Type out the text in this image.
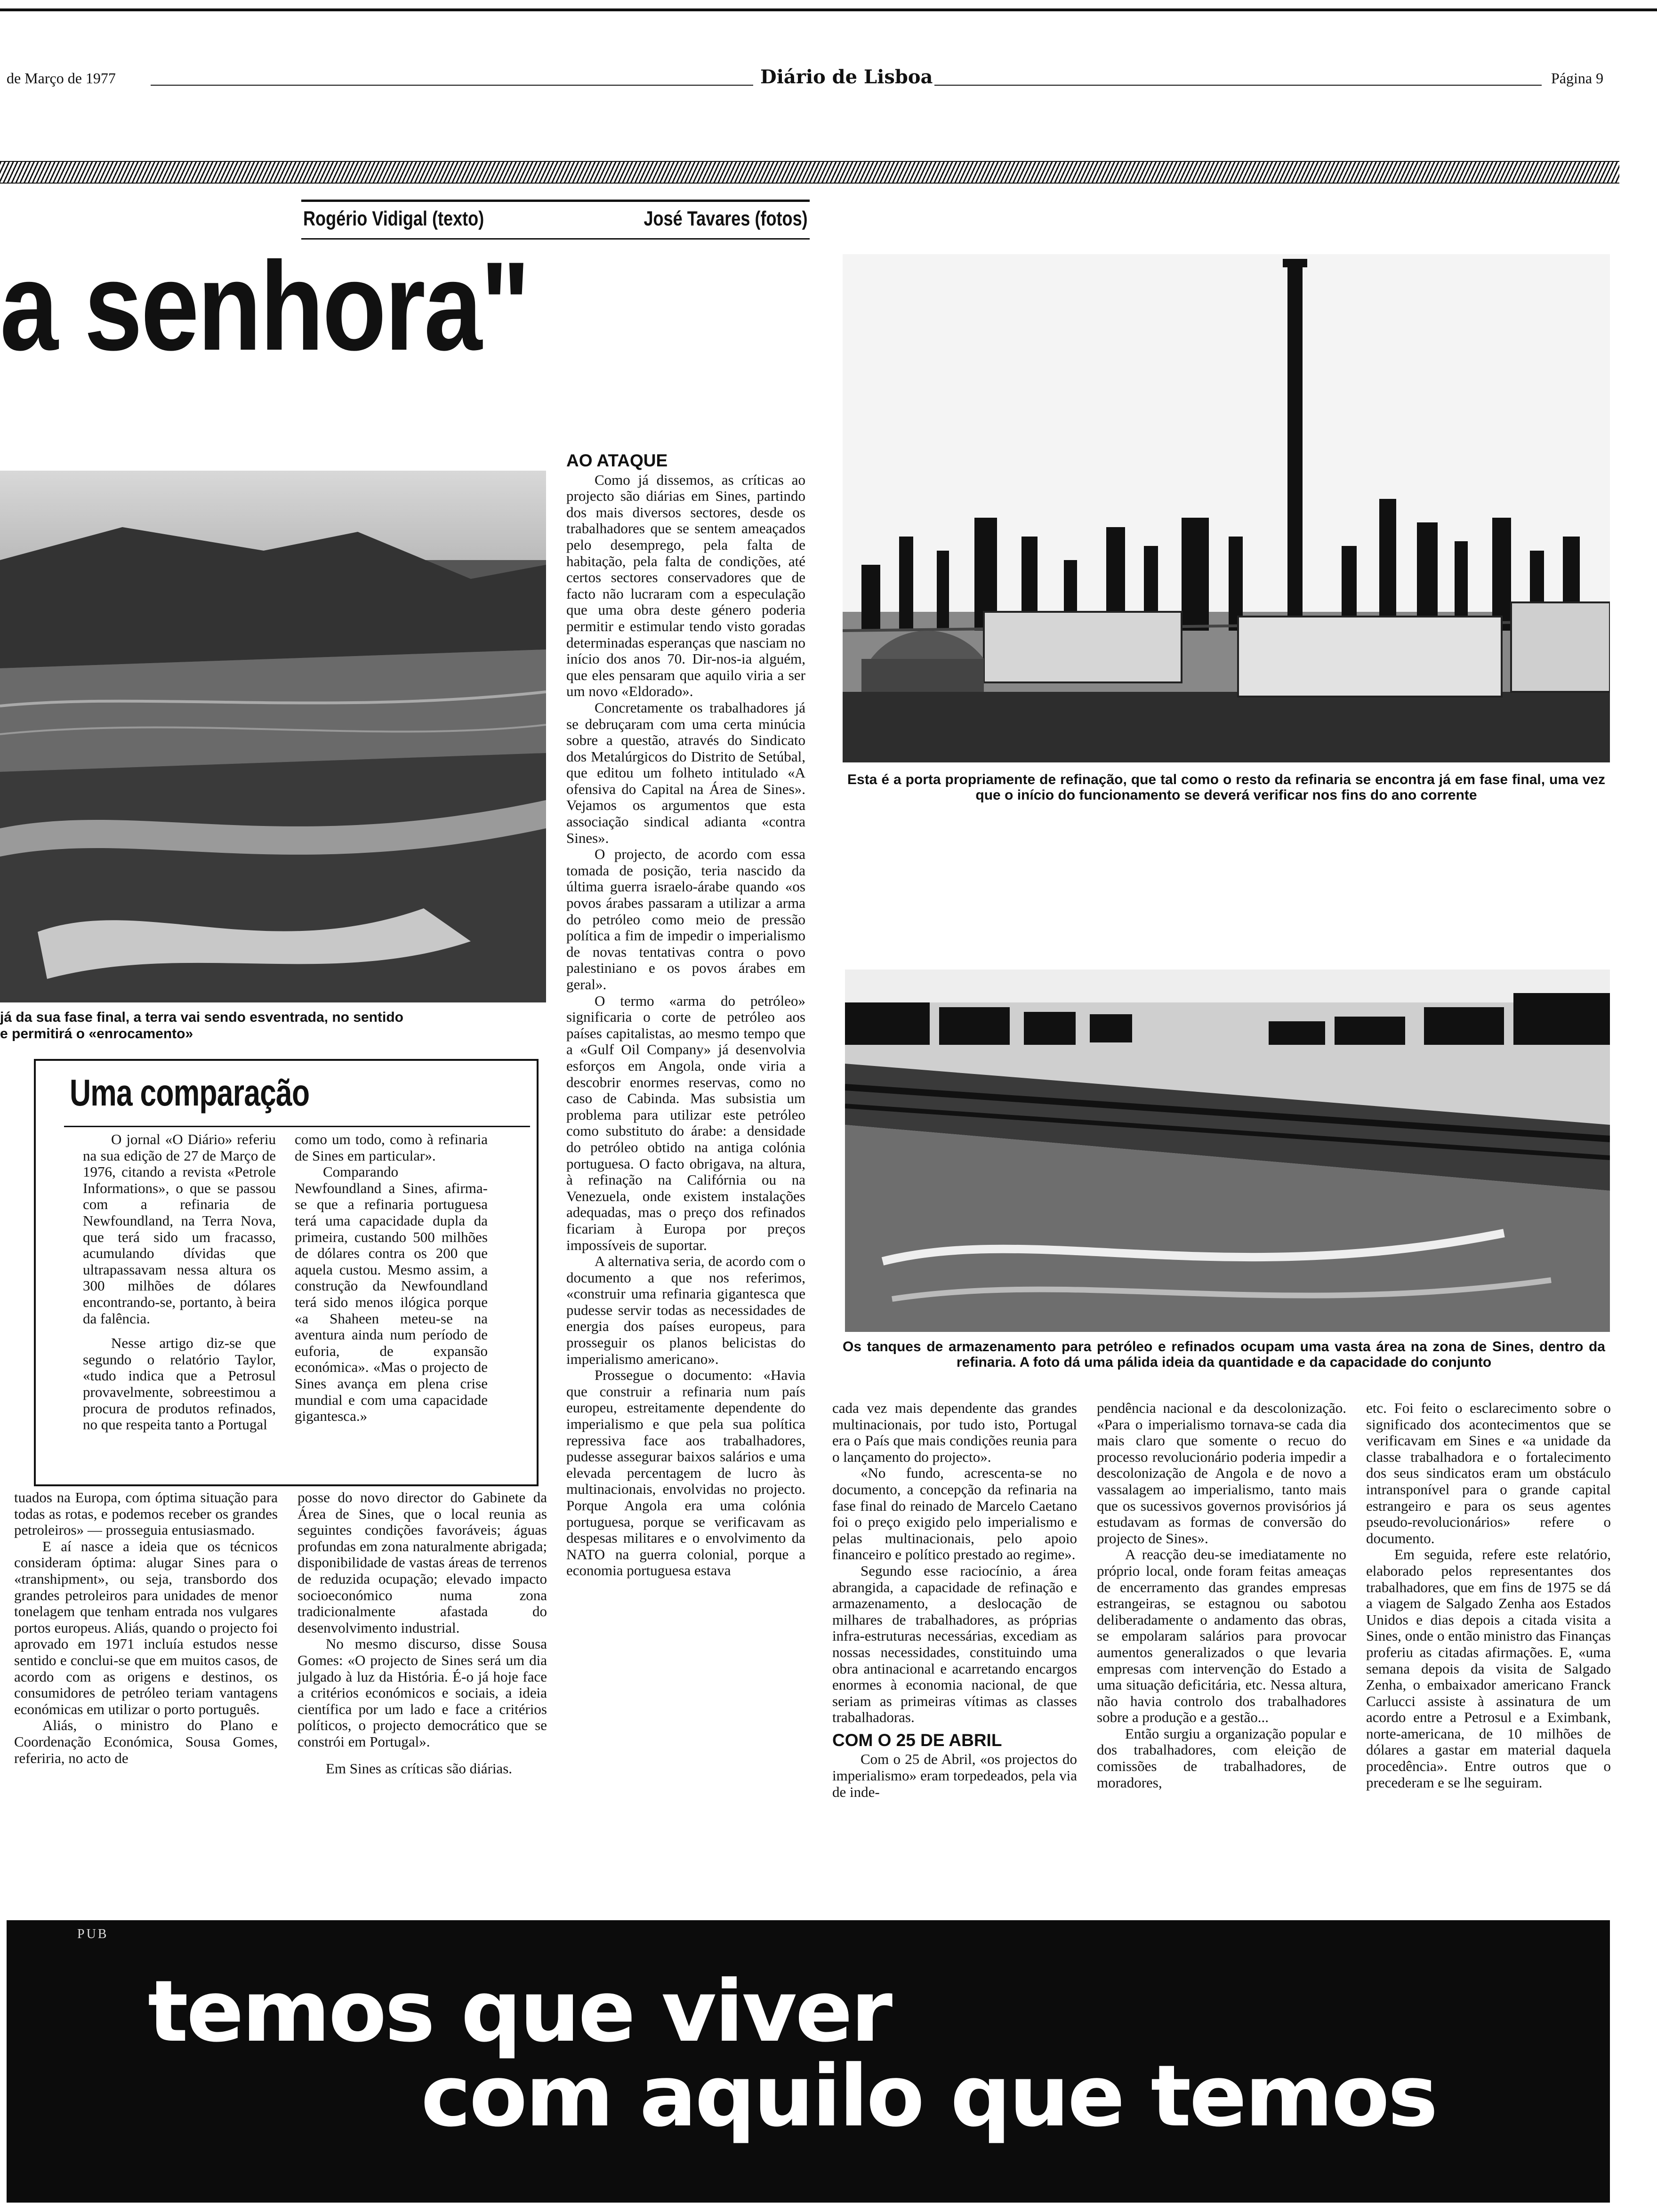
de Março de 1977	Diário de Lisboa	Página 9
Rogério Vidigal (texto)	José Tavares (fotos)
a senhora"
já da sua fase final, a terra vai sendo esventrada, no sentido
e permitirá o «enrocamento»
Uma comparação

O jornal «O Diário» referiu na sua edição de 27 de Março de 1976, citando a revista «Petrole Informations», o que se passou com a refinaria de Newfoundland, na Terra Nova, que terá sido um fracasso, acumulando dívidas que ultrapassavam nessa altura os 300 milhões de dólares encontrando-se, portanto, à beira da falência.

Nesse artigo diz-se que segundo o relatório Taylor, «tudo indica que a Petrosul provavelmente, sobreestimou a procura de produtos refinados, no que respeita tanto a Portugal

como um todo, como à refinaria de Sines em particular».

Comparando Newfoundland a Sines, afirma-se que a refinaria portuguesa terá uma capacidade dupla da primeira, custando 500 milhões de dólares contra os 200 que aquela custou. Mesmo assim, a construção da Newfoundland terá sido menos ilógica porque «a Shaheen meteu-se na aventura ainda num período de euforia, de expansão económica». «Mas o projecto de Sines avança em plena crise mundial e com uma capacidade gigantesca.»

AO ATAQUE

Como já dissemos, as críticas ao projecto são diárias em Sines, partindo dos mais diversos sectores, desde os trabalhadores que se sentem ameaçados pelo desemprego, pela falta de habitação, pela falta de condições, até certos sectores conservadores que de facto não lucraram com a especulação que uma obra deste género poderia permitir e estimular tendo visto goradas determinadas esperanças que nasciam no início dos anos 70. Dir-nos-ia alguém, que eles pensaram que aquilo viria a ser um novo «Eldorado».

Concretamente os trabalhadores já se debruçaram com uma certa minúcia sobre a questão, através do Sindicato dos Metalúrgicos do Distrito de Setúbal, que editou um folheto intitulado «A ofensiva do Capital na Área de Sines». Vejamos os argumentos que esta associação sindical adianta «contra Sines».

O projecto, de acordo com essa tomada de posição, teria nascido da última guerra israelo-árabe quando «os povos árabes passaram a utilizar a arma do petróleo como meio de pressão política a fim de impedir o imperialismo de novas tentativas contra o povo palestiniano e os povos árabes em geral».

O termo «arma do petróleo» significaria o corte de petróleo aos países capitalistas, ao mesmo tempo que a «Gulf Oil Company» já desenvolvia esforços em Angola, onde viria a descobrir enormes reservas, como no caso de Cabinda. Mas subsistia um problema para utilizar este petróleo como substituto do árabe: a densidade do petróleo obtido na antiga colónia portuguesa. O facto obrigava, na altura, à refinação na Califórnia ou na Venezuela, onde existem instalações adequadas, mas o preço dos refinados ficariam à Europa por preços impossíveis de suportar.

A alternativa seria, de acordo com o documento a que nos referimos, «construir uma refinaria gigantesca que pudesse servir todas as necessidades de energia dos países europeus, para prosseguir os planos belicistas do imperialismo americano».

Prossegue o documento: «Havia que construir a refinaria num país europeu, estreitamente dependente do imperialismo e que pela sua política repressiva face aos trabalhadores, pudesse assegurar baixos salários e uma elevada percentagem de lucro às multinacionais, envolvidas no projecto. Porque Angola era uma colónia portuguesa, porque se verificavam as despesas militares e o envolvimento da NATO na guerra colonial, porque a economia portuguesa estava

Esta é a porta propriamente de refinação, que tal como o resto da refinaria se encontra já em fase final, uma vez que o início do funcionamento se deverá verificar nos fins do ano corrente
Os tanques de armazenamento para petróleo e refinados ocupam uma vasta área na zona de Sines, dentro da refinaria. A foto dá uma pálida ideia da quantidade e da capacidade do conjunto

tuados na Europa, com óptima situação para todas as rotas, e podemos receber os grandes petroleiros» — prosseguia entusiasmado.

E aí nasce a ideia que os técnicos consideram óptima: alugar Sines para o «transhipment», ou seja, transbordo dos grandes petroleiros para unidades de menor tonelagem que tenham entrada nos vulgares portos europeus. Aliás, quando o projecto foi aprovado em 1971 incluía estudos nesse sentido e conclui-se que em muitos casos, de acordo com as origens e destinos, os consumidores de petróleo teriam vantagens económicas em utilizar o porto português.

Aliás, o ministro do Plano e Coordenação Económica, Sousa Gomes, referiria, no acto de

posse do novo director do Gabinete da Área de Sines, que o local reunia as seguintes condições favoráveis; águas profundas em zona naturalmente abrigada; disponibilidade de vastas áreas de terrenos de reduzida ocupação; elevado impacto socioeconómico numa zona tradicionalmente afastada do desenvolvimento industrial.

No mesmo discurso, disse Sousa Gomes: «O projecto de Sines será um dia julgado à luz da História. É-o já hoje face a critérios económicos e sociais, a ideia científica por um lado e face a critérios políticos, o projecto democrático que se constrói em Portugal».

Em Sines as críticas são diárias.

cada vez mais dependente das grandes multinacionais, por tudo isto, Portugal era o País que mais condições reunia para o lançamento do projecto».

«No fundo, acrescenta-se no documento, a concepção da refinaria na fase final do reinado de Marcelo Caetano foi o preço exigido pelo imperialismo e pelas multinacionais, pelo apoio financeiro e político prestado ao regime».

Segundo esse raciocínio, a área abrangida, a capacidade de refinação e armazenamento, a deslocação de milhares de trabalhadores, as próprias infra-estruturas necessárias, excediam as nossas necessidades, constituindo uma obra antinacional e acarretando encargos enormes à economia nacional, de que seriam as primeiras vítimas as classes trabalhadoras.

COM O 25 DE ABRIL

Com o 25 de Abril, «os projectos do imperialismo» eram torpedeados, pela via de inde-

pendência nacional e da descolonização. «Para o imperialismo tornava-se cada dia mais claro que somente o recuo do processo revolucionário poderia impedir a descolonização de Angola e de novo a vassalagem ao imperialismo, tanto mais que os sucessivos governos provisórios já estudavam as formas de conversão do projecto de Sines».

A reacção deu-se imediatamente no próprio local, onde foram feitas ameaças de encerramento das grandes empresas estrangeiras, se estagnou ou sabotou deliberadamente o andamento das obras, se empolaram salários para provocar aumentos generalizados o que levaria empresas com intervenção do Estado a uma situação deficitária, etc. Nessa altura, não havia controlo dos trabalhadores sobre a produção e a gestão...

Então surgiu a organização popular e dos trabalhadores, com eleição de comissões de trabalhadores, de moradores,

etc. Foi feito o esclarecimento sobre o significado dos acontecimentos que se verificavam em Sines e «a unidade da classe trabalhadora e o fortalecimento dos seus sindicatos eram um obstáculo intransponível para o grande capital estrangeiro e para os seus agentes pseudo-revolucionários» refere o documento.

Em seguida, refere este relatório, elaborado pelos representantes dos trabalhadores, que em fins de 1975 se dá a viagem de Salgado Zenha aos Estados Unidos e dias depois a citada visita a Sines, onde o então ministro das Finanças proferiu as citadas afirmações. E, «uma semana depois da visita de Salgado Zenha, o embaixador americano Franck Carlucci assiste à assinatura de um acordo entre a Petrosul e a Eximbank, norte-americana, de 10 milhões de dólares a gastar em material daquela procedência». Entre outros que o precederam e se lhe seguiram.

PUB
temos que viver
com aquilo que temos
